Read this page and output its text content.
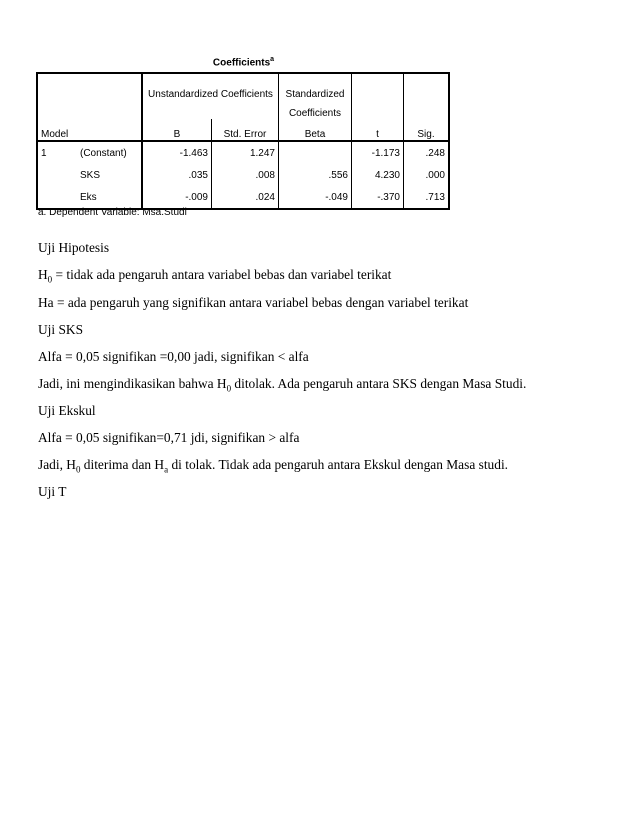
Coefficients$^a$
		Unstandardized Coefficients		Standardized		
				Coefficients		
Model		B	Std. Error	Beta	t	Sig.
1	(Constant)	-1.463	1.247		-1.173	.248
	SKS	.035	.008	.556	4.230	.000
	Eks	-.009	.024	-.049	-.370	.713
a. Dependent Variable: Msa.Studi
Uji Hipotesis
$H_0$ = tidak ada pengaruh antara variabel bebas dan variabel terikat
Ha = ada pengaruh yang signifikan antara variabel bebas dengan variabel terikat
Uji SKS
Alfa = 0,05 signifikan =0,00 jadi, signifikan < alfa
Jadi, ini mengindikasikan bahwa $H_0$ ditolak. Ada pengaruh antara SKS dengan Masa Studi.
Uji Ekskul
Alfa = 0,05 signifikan=0,71 jdi, signifikan > alfa
Jadi, $H_0$ diterima dan $H_a$ di tolak. Tidak ada pengaruh antara Ekskul dengan Masa studi.
Uji T
